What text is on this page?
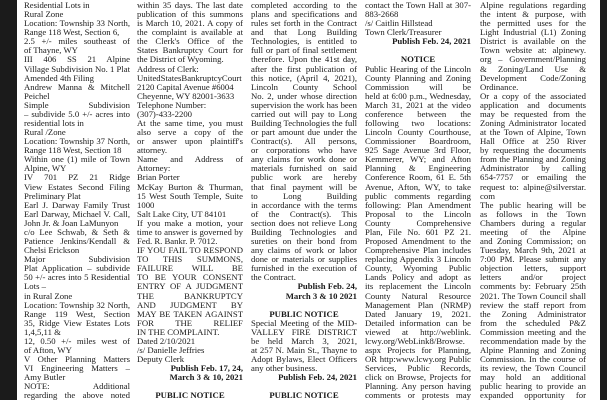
Residential Lots in
Rural Zone
Location: Township 33 North,
Range 118 West, Section 6,
2.5 +/- miles southeast of
of Thayne, WY
III 406 SS 21 Alpine
Village Subdivision No. 1 Plat
Amended 4th Filing
Andrew Manna & Mitchell
Peichel
Simple Subdivision
– subdivide 5.0 +/- acres into
residential lots in
Rural /Zone
Location: Township 37 North,
Range 118 West, Section 18
Within one (1) mile of Town
Alpine, WY
IV 701 PZ 21 Ridge
View Estates Second Filing
Preliminary Plat
Earl J. Darway Family Trust
Earl Darway, Michael V. Call,
John Jr. & Joan LaMunyon
c/o Lee Schwab, & Seth &
Patience Jenkins/Kendall &
Chelsi Erickson
Major Subdivision
Plat Application – subdivide
50 +/- acres into 5 Residential
Lots –
in Rural Zone
Location: Township 32 North,
Range 119 West, Section
35, Ridge View Estates Lots
1,4,5,11 &
12, 0.50 +/- miles west of
of Afton, WY
V Other Planning Matters
VI Engineering Matters –
Amy Butler
NOTE: Additional
regarding the above noted
within 35 days. The last date
publication of this summons
is March 10, 2021. A copy of
the complaint is available at
the Clerk's Office of the
States Bankruptcy Court for
the District of Wyoming.
Address of Clerk:
UnitedStatesBankruptcyCourt
2120 Capital Avenue #6004
Cheyenne, WY 82001-3633
Telephone Number:
(307)-433-2200
At the same time, you must
also serve a copy of the
or answer upon plaintiff's
attorney.
Name and Address of
Attorney:
Brian Porter
McKay Burton & Thurman,
15 West South Temple, Suite
1000
Salt Lake City, UT 84101
If you make a motion, your
time to answer is governed by
Fed. R. Bankr. P. 7012.
IF YOU FAIL TO RESPOND
TO THIS SUMMONS,
FAILURE WILL BE
TO BE YOUR CONSENT
ENTRY OF A JUDGMENT
THE BANKRUPTCY
AND JUDGMENT BY
MAY BE TAKEN AGAINST
FOR THE RELIEF
IN THE COMPLAINT.
Dated 2/10/2021
/s/ Danielle Jeffries
Deputy Clerk
Publish Feb. 17, 24,
March 3 & 10, 2021
PUBLIC NOTICE
completed according to the
plans and specifications and
rules set forth in the Contract
and that Long Building
Technologies, is entitled to
full or part of final settlement
therefore. Upon the 41st day,
after the first publication of
this notice, (April 4, 2021),
Lincoln County School
No. 2, under whose direction
supervision the work has been
carried out will pay to Long
Building Technologies the full
or part amount due under the
Contract(s). All persons,
or corporations who have
any claims for work done or
materials furnished on said
public work are hereby
that final payment will be
to Long Building
in accordance with the terms
of the Contract(s). This
section does not relieve Long
Building Technologies and
sureties on their bond from
any claims of work or labor
done or materials or supplies
furnished in the execution of
the Contract.
Publish Feb. 24,
March 3 & 10 2021
PUBLIC NOTICE
Special Meeting of the MID-
VALLEY FIRE DISTRICT
be held March 3, 2021,
at 257 N. Main St., Thayne to
Adopt Bylaws, Elect Officers
any other business.
Publish Feb. 24, 2021
PUBLIC NOTICE
contact the Town Hall at 307-
883-2668
/s/ Caitlin Hillstead
Town Clerk/Treasurer
Publish Feb. 24, 2021
NOTICE
Public Hearing of the Lincoln
County Planning and Zoning
Commission will be
held at 6:00 p.m., Wednesday,
March 31, 2021 at the video
conference between the
following two locations:
Lincoln County Courthouse,
Commissioner Boardroom,
925 Sage Avenue 3rd Floor,
Kemmerer, WY; and Afton
Planning & Engineering
Conference Room, 61 E. 5th
Avenue, Afton, WY, to take
public comments regarding
following: Plan Amendment
Proposal to the Lincoln
County Comprehensive
Plan, File No. 601 PZ 21.
Proposed Amendment to the
Comprehensive Plan includes
replacing Appendix 3 Lincoln
County, Wyoming Public
Lands Policy and adopt as
its replacement the Lincoln
County Natural Resource
Management Plan (NRMP)
Dated January 19, 2021.
Detailed information can be
viewed at http://weblink.
lcwy.org/WebLink8/Browse.
aspx Projects for Planning,
OR http:www.lcwy.org Public
Services, Public Records,
click on Browse, Projects for
Planning. Any person having
comments or protests may
Alpine regulations regarding
the intent & purpose, with
the permitted uses for the
Light Industrial (L1) Zoning
District is available on the
Town website at: alpinewy.
org – Government/Planning
& Zoning/Land Use &
Development Code/Zoning
Ordinance.
Or a copy of the associated
application and documents
may be requested from the
Zoning Administrator located
at the Town of Alpine, Town
Hall Office at 250 River
by requesting the documents
from the Planning and Zoning
Administrator by calling
654-7757 or emailing the
request to: alpine@silverstar.
com
The public hearing will be
as follows in the Town
Chambers during a regular
meeting of the Alpine
and Zoning Commission; on
Tuesday, March 9th, 2021 at
7:00 PM. Please submit any
objection letters, support
letters and/or project
comments by: February 25th
2021. The Town Council shall
review the staff report from
the Zoning Administrator
from the scheduled P&Z
Commission meeting and the
recommendation made by the
Alpine Planning and Zoning
Commission. In the course of
its review, the Town Council
may hold an additional
public hearing to provide an
expanded opportunity for
